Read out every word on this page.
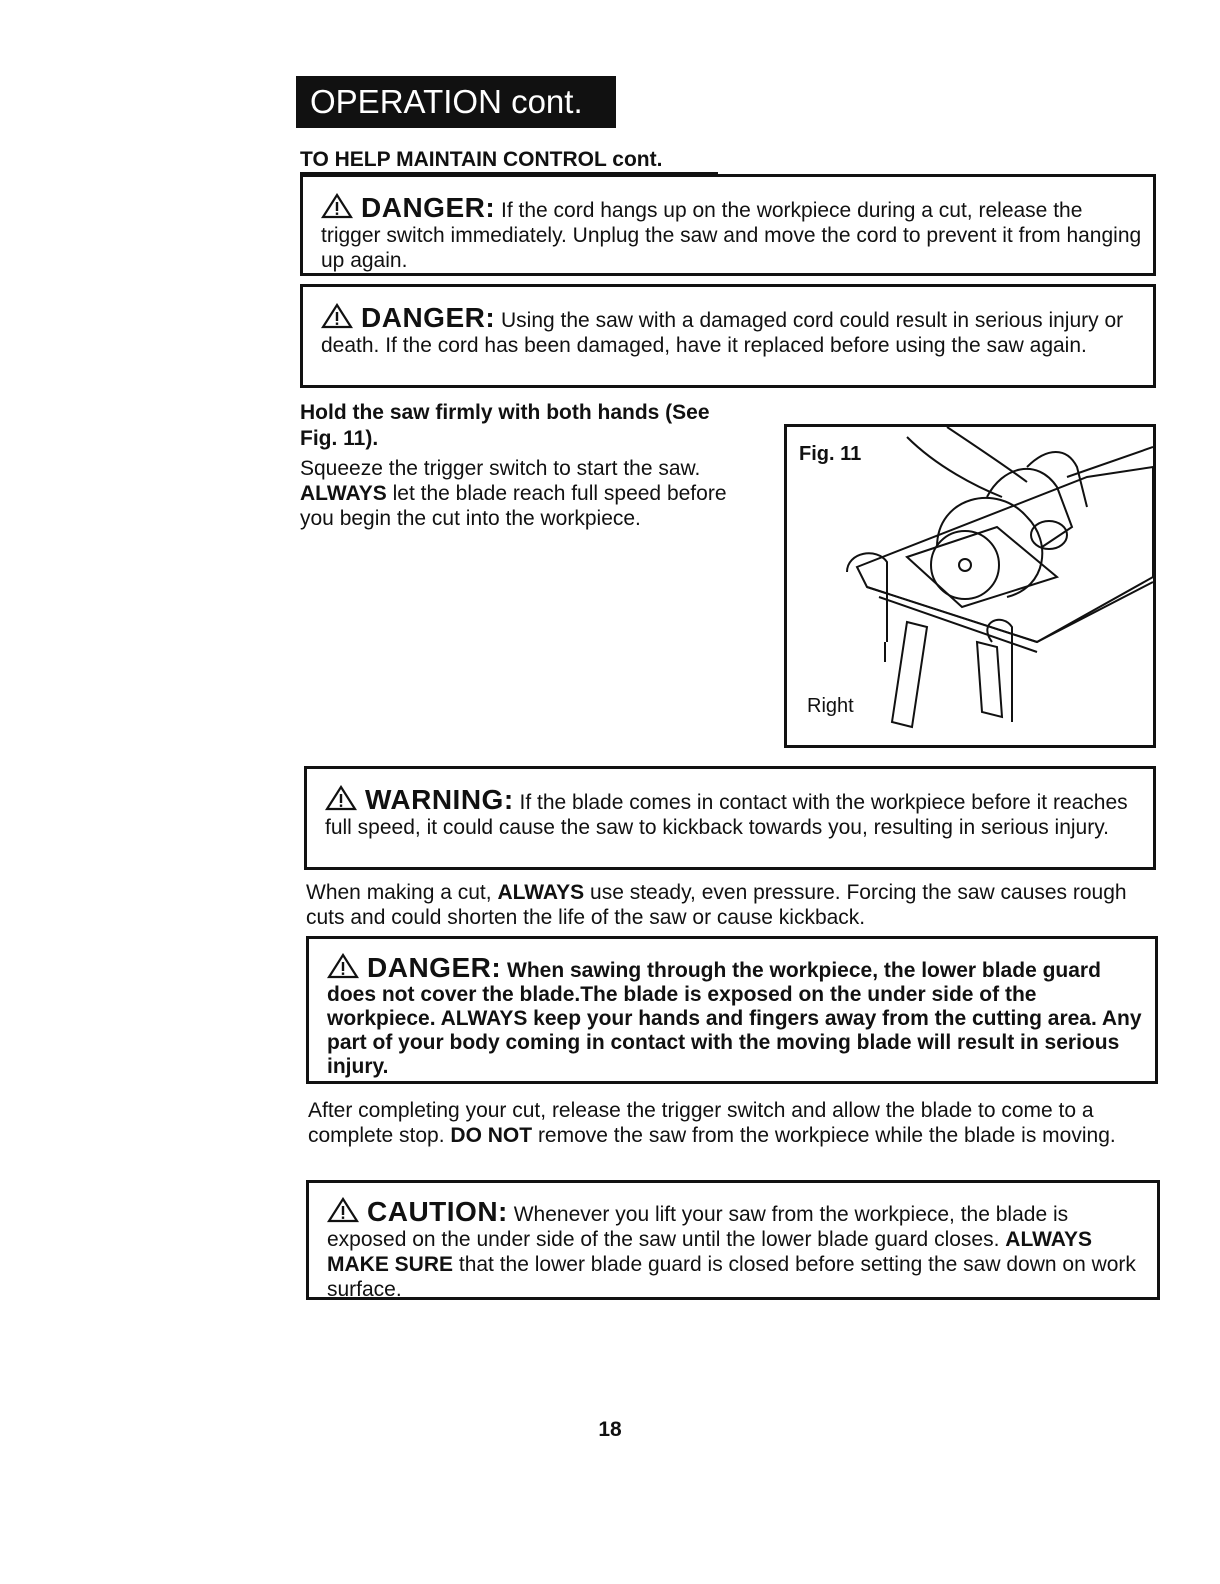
OPERATION cont.
TO HELP MAINTAIN CONTROL cont.
DANGER: If the cord hangs up on the workpiece during a cut, release the trigger switch immediately. Unplug the saw and move the cord to prevent it from hanging up again.
DANGER: Using the saw with a damaged cord could result in serious injury or death. If the cord has been damaged, have it replaced before using the saw again.
Hold the saw firmly with both hands (See Fig. 11).
Squeeze the trigger switch to start the saw. ALWAYS let the blade reach full speed before you begin the cut into the workpiece.
Fig. 11
Right
WARNING: If the blade comes in contact with the workpiece before it reaches full speed, it could cause the saw to kickback towards you, resulting in serious injury.
When making a cut, ALWAYS use steady, even pressure. Forcing the saw causes rough cuts and could shorten the life of the saw or cause kickback.
DANGER: When sawing through the workpiece, the lower blade guard does not cover the blade.The blade is exposed on the under side of the workpiece. ALWAYS keep your hands and fingers away from the cutting area. Any part of your body coming in contact with the moving blade will result in serious injury.
After completing your cut, release the trigger switch and allow the blade to come to a complete stop. DO NOT remove the saw from the workpiece while the blade is moving.
CAUTION: Whenever you lift your saw from the workpiece, the blade is exposed on the under side of the saw until the lower blade guard closes. ALWAYS MAKE SURE that the lower blade guard is closed before setting the saw down on work surface.
18
